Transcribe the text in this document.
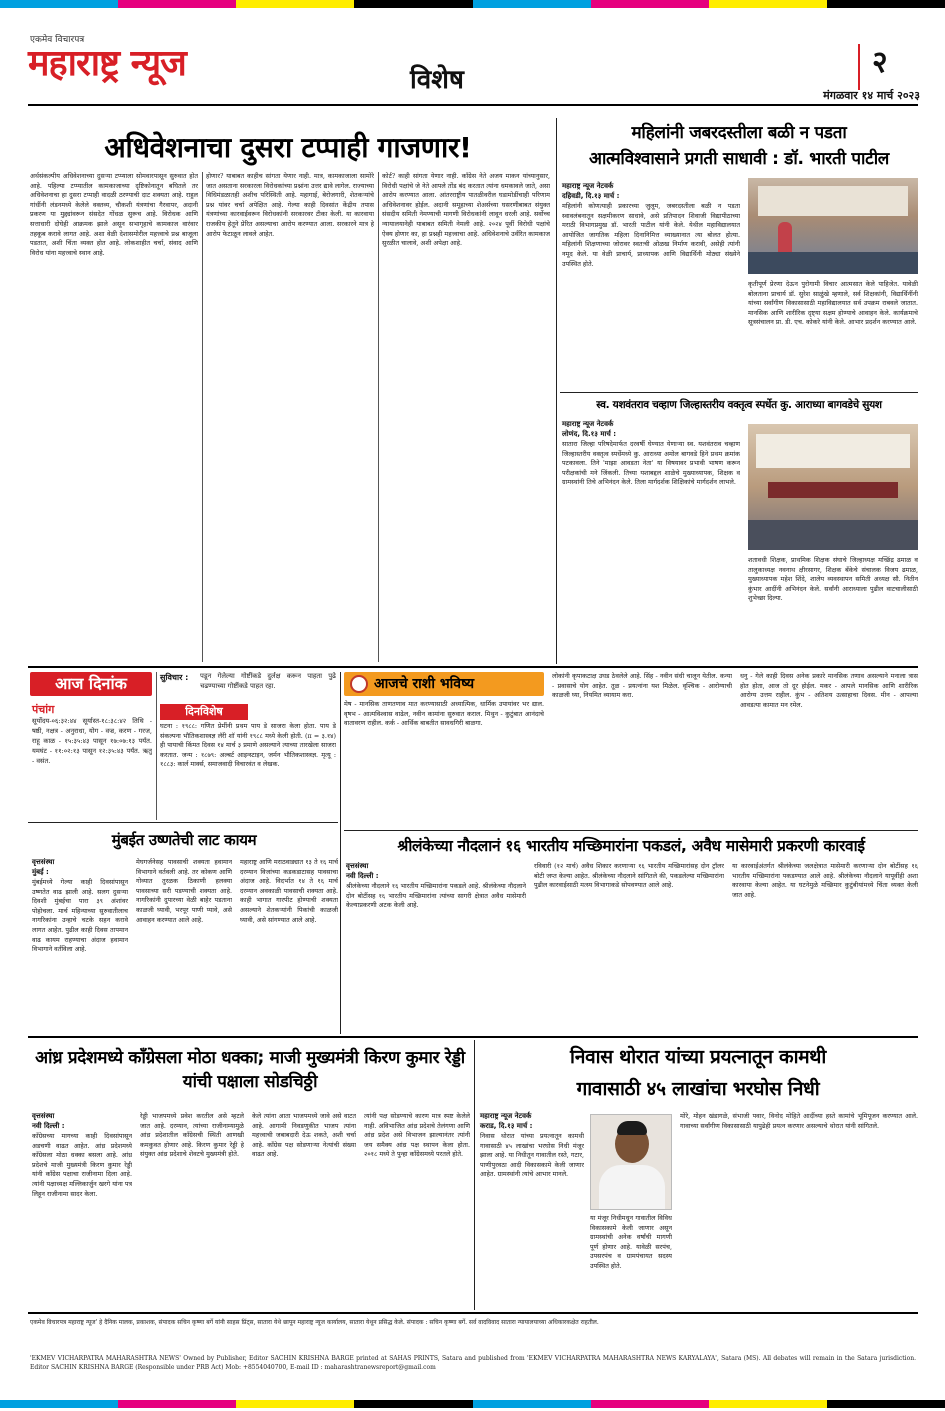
एकमेव विचारपत्र
महाराष्ट्र न्यूज	विशेष	२
मंगळवार १४ मार्च २०२३
अधिवेशनाचा दुसरा टप्पाही गाजणार!
अर्थसंकल्पीय अधिवेशनाच्या दुसऱ्या टप्प्याला सोमवारपासून सुरुवात होत आहे. पहिल्या टप्प्यातील कामकाजाच्या दृष्टिकोनातून बघितले तर अधिवेशनाचा हा दुसरा टप्पाही वादळी ठरण्याची दाट शक्यता आहे. राहुल गांधींनी लंडनमध्ये केलेले वक्तव्य, चौकशी यंत्रणांचा गैरवापर, अदानी प्रकरण या मुद्द्यांवरून संसदेत गोंधळ सुरूच आहे. विरोधक आणि सत्ताधारी दोघेही आक्रमक झाले असून सभागृहाचे कामकाज वारंवार तहकूब करावे लागत आहे. अशा वेळी देशासमोरील महत्त्वाचे प्रश्न बाजूला पडतात, अशी चिंता व्यक्त होत आहे. लोकशाहीत चर्चा, संवाद आणि विरोध यांना महत्त्वाचे स्थान आहे.
होणार? याबाबत काहीच सांगता येणार नाही. मात्र, कामकाजाला सामोरे जात असताना सरकारला विरोधकांच्या प्रश्नांना उत्तर द्यावे लागेल. राज्याच्या विधिमंडळातही अशीच परिस्थिती आहे. महागाई, बेरोजगारी, शेतकऱ्यांचे प्रश्न यांवर चर्चा अपेक्षित आहे. गेल्या काही दिवसांत केंद्रीय तपास यंत्रणांच्या कारवाईवरून विरोधकांनी सरकारवर टीका केली. या कारवाया राजकीय हेतूने प्रेरित असल्याचा आरोप करण्यात आला. सरकारने मात्र हे आरोप फेटाळून लावले आहेत.
कोर्ट? काही सांगता येणार नाही. काँग्रेस नेते अजय माकन यांच्यानुसार, विरोधी पक्षांचे जे नेते आपले तोंड बंद करतात त्यांना धमकावले जाते, असा आरोप करण्यात आला. आंतरराष्ट्रीय पातळीवरील घडामोडींचाही परिणाम अधिवेशनावर होईल. अदानी समूहाच्या शेअर्सच्या घसरणीबाबत संयुक्त संसदीय समिती नेमण्याची मागणी विरोधकांनी लावून धरली आहे. सर्वोच्च न्यायालयानेही याबाबत समिती नेमली आहे. २०२४ पूर्वी विरोधी पक्षांचे ऐक्य होणार का, हा प्रश्नही महत्त्वाचा आहे. अधिवेशनाचे उर्वरित कामकाज सुरळीत चालावे, अशी अपेक्षा आहे.
महिलांनी जबरदस्तीला बळी न पडता
आत्मविश्वासाने प्रगती साधावी : डॉ. भारती पाटील
महाराष्ट्र न्यूज नेटवर्क
दहिवडी, दि.१३ मार्च :
महिलांनी कोणत्याही प्रकारच्या जुलूम, जबरदस्तीला बळी न पडता स्वावलंबनातून सक्षमीकरण साधावे, असे प्रतिपादन शिवाजी विद्यापीठाच्या मराठी विभागप्रमुख डॉ. भारती पाटील यांनी केले. येथील महाविद्यालयात आयोजित जागतिक महिला दिनानिमित्त व्याख्यानात त्या बोलत होत्या. महिलांनी शिक्षणाच्या जोरावर स्वतःची ओळख निर्माण करावी, असेही त्यांनी नमूद केले. या वेळी प्राचार्य, प्राध्यापक आणि विद्यार्थिनी मोठ्या संख्येने उपस्थित होते.
कृतीपूर्ण प्रेरणा देऊन पुरोगामी विचार आत्मसात केले पाहिजेत. यावेळी बोलताना प्राचार्य डॉ. सुरेश साळुंखे म्हणाले, सर्व शिक्षकांनी, विद्यार्थिनींनी यांच्या सर्वांगीण विकासासाठी महाविद्यालयात सर्व उपक्रम राबवले जातात. मानसिक आणि शारीरिक दृष्ट्या सक्षम होण्याचे आवाहन केले. कार्यक्रमाचे सूत्रसंचालन प्रा. डी. एच. कोकरे यांनी केले. आभार प्रदर्शन करण्यात आले.
स्व. यशवंतराव चव्हाण जिल्हास्तरीय वक्तृत्व स्पर्धेत कु. आराध्या बागवडेचे सुयश
महाराष्ट्र न्यूज नेटवर्क
लोणंद, दि.१३ मार्च :
सातारा जिल्हा परिषदेमार्फत दरवर्षी घेण्यात येणाऱ्या स्व. यशवंतराव चव्हाण जिल्हास्तरीय वक्तृत्व स्पर्धेमध्ये कु. आराध्या अमोल बागवडे हिने प्रथम क्रमांक पटकावला. तिने 'माझा आवडता नेता' या विषयावर प्रभावी भाषण करून परीक्षकांची मने जिंकली. तिच्या यशाबद्दल शाळेचे मुख्याध्यापक, शिक्षक व ग्रामस्थांनी तिचे अभिनंदन केले. तिला मार्गदर्शक शिक्षिकांचे मार्गदर्शन लाभले.
शतावधी शिक्षक, प्राथमिक शिक्षक संघाचे जिल्हाध्यक्ष मच्छिंद्र ढमाळ व तालुकाध्यक्ष नवनाथ क्षीरसागर, शिक्षक बँकेचे संचालक विजय ढमाळ, मुख्याध्यापक महेश शिंदे, शालेय व्यवस्थापन समिती अध्यक्ष सौ. नितीन कुंभार आदींनी अभिनंदन केले. सर्वांनी आराध्याला पुढील वाटचालीसाठी शुभेच्छा दिल्या.
आज दिनांक
पंचांग
सूर्योदय-०६:३२:४४ सूर्यास्त-१८:३८:४२ तिथि - षष्ठी, नक्षत्र - अनुराधा, योग - वज्र, करण - गरज, राहू काळ - १५:३५:४३ पासून १७:०७:१३ पर्यंत. यमघंट - ११:०२:१३ पासून १२:३५:४३ पर्यंत. ऋतु - वसंत.
सुविचार : पडून गेलेल्या गोष्टींकडे दुर्लक्ष करून पाहता पुढे चढण्याच्या गोष्टींकडे पाहत रहा.
दिनविशेष
घटना : १९८८: गणित प्रेमींनी प्रथम पाय डे साजरा केला होता. पाय डे संकल्पना भौतिकशास्त्रज्ञ लॅरी शॉ यांनी १९८८ मध्ये केली होती. (π = ३.१४) ही पायाची किंमत दिवस १४ मार्च ३ प्रमाणे असल्याने त्याच्या तारखेला साजरा करतात. जन्म : १८७९: अल्बर्ट आइन्स्टाइन, जर्मन भौतिकशास्त्रज्ञ. मृत्यू : १८८३: कार्ल मार्क्स, समाजवादी विचारवंत व लेखक.
मुंबईत उष्णतेची लाट कायम
वृत्तसंस्था
मुंबई :
मुंबईमध्ये गेल्या काही दिवसांपासून उष्णतेत वाढ झाली आहे. सलग दुसऱ्या दिवशी मुंबईचा पारा ३९ अंशांवर पोहोचला. मार्च महिन्याच्या सुरुवातीलाच नागरिकांना उन्हाचे चटके सहन करावे लागत आहेत. पुढील काही दिवस तापमान वाढ कायम राहण्याचा अंदाज हवामान विभागाने वर्तविला आहे.
मेघगर्जनेसह पावसाची शक्यता हवामान विभागाने वर्तवली आहे. तर कोकण आणि गोव्यात तुरळक ठिकाणी हलक्या पावसाच्या सरी पडण्याची शक्यता आहे. नागरिकांनी दुपारच्या वेळी बाहेर पडताना काळजी घ्यावी, भरपूर पाणी प्यावे, असे आवाहन करण्यात आले आहे.
महाराष्ट्र आणि मराठवाड्यात १३ ते १६ मार्च दरम्यान विजांच्या कडकडाटासह पावसाचा अंदाज आहे. विदर्भात १४ ते १६ मार्च दरम्यान अवकाळी पावसाची शक्यता आहे. काही भागात गारपीट होण्याची शक्यता असल्याने शेतकऱ्यांनी पिकांची काळजी घ्यावी, असे सांगण्यात आले आहे.
आजचे राशी भविष्य
मेष - मानसिक ताणतणाव मात करण्यासाठी अध्यात्मिक, धार्मिक उपायांवर भर द्याल. वृषभ - आत्मविश्वास वाढेल, नवीन कामांना सुरुवात कराल. मिथुन - कुटुंबात आनंदाचे वातावरण राहील. कर्क - आर्थिक बाबतीत सावधगिरी बाळगा.
लोकांनी कृपाकटाक्ष उघड ठेवलेले आहे. सिंह - नवीन संधी चालून येतील. कन्या - प्रवासाचे योग आहेत. तूळ - प्रयत्नांना यश मिळेल. वृश्चिक - आरोग्याची काळजी घ्या, नियमित व्यायाम करा.
धनु - गेले काही दिवस अनेक प्रकारे मानसिक तणाव असल्याने मनाला त्रास होत होता, आज तो दूर होईल. मकर - आपले मानसिक आणि शारीरिक आरोग्य उत्तम राहील. कुंभ - अतिशय उत्साहाचा दिवस. मीन - आपल्या आवडत्या कामात मन रमेल.
श्रीलंकेच्या नौदलानं १६ भारतीय मच्छिमारांना पकडलं, अवैध मासेमारी प्रकरणी कारवाई
वृत्तसंस्था
नवी दिल्ली :
श्रीलंकेच्या नौदलाने १६ भारतीय मच्छिमारांना पकडले आहे. श्रीलंकेच्या नौदलाने दोन बोटींसह १६ भारतीय मच्छिमारांना त्यांच्या सागरी क्षेत्रात अवैध मासेमारी केल्याप्रकरणी अटक केली आहे.
रविवारी (१२ मार्च) अवैध शिकार करणाऱ्या १६ भारतीय मच्छिमारांसह दोन ट्रॉलर बोटी जप्त केल्या आहेत. श्रीलंकेच्या नौदलाने सांगितले की, पकडलेल्या मच्छिमारांना पुढील कारवाईसाठी मत्स्य विभागाकडे सोपवण्यात आले आहे.
या कारवाईअंतर्गत श्रीलंकेच्या जलक्षेत्रात मासेमारी करणाऱ्या दोन बोटींसह १६ भारतीय मच्छिमारांना पकडण्यात आले आहे. श्रीलंकेच्या नौदलाने यापूर्वीही अशा कारवाया केल्या आहेत. या घटनेमुळे मच्छिमार कुटुंबीयांमध्ये चिंता व्यक्त केली जात आहे.
आंध्र प्रदेशमध्ये कॉंग्रेसला मोठा धक्का; माजी मुख्यमंत्री किरण कुमार रेड्डी यांची पक्षाला सोडचिठ्ठी
वृत्तसंस्था
नवी दिल्ली :
काँग्रेसच्या मागच्या काही दिवसांपासून अडचणी वाढत आहेत. आंध्र प्रदेशमध्ये काँग्रेसला मोठा धक्का बसला आहे. आंध्र प्रदेशचे माजी मुख्यमंत्री किरण कुमार रेड्डी यांनी काँग्रेस पक्षाचा राजीनामा दिला आहे. त्यांनी पक्षाध्यक्ष मल्लिकार्जुन खरगे यांना पत्र लिहून राजीनामा सादर केला.
रेड्डी भाजपमध्ये प्रवेश करतील असे म्हटले जात आहे. दरम्यान, त्यांच्या राजीनाम्यामुळे आंध्र प्रदेशातील काँग्रेसची स्थिती आणखी कमकुवत होणार आहे. किरण कुमार रेड्डी हे संयुक्त आंध्र प्रदेशाचे शेवटचे मुख्यमंत्री होते.
केले त्यांना आता भाजपमध्ये जावे असे वाटत आहे. आगामी निवडणुकीत भाजप त्यांना महत्त्वाची जबाबदारी देऊ शकते, अशी चर्चा आहे. काँग्रेस पक्ष सोडणाऱ्या नेत्यांची संख्या वाढत आहे.
त्यांनी पक्ष सोडण्याचे कारण मात्र स्पष्ट केलेले नाही. अविभाजित आंध्र प्रदेशचे तेलंगणा आणि आंध्र प्रदेश असे विभाजन झाल्यानंतर त्यांनी जय समैक्य आंध्र पक्ष स्थापन केला होता. २०१८ मध्ये ते पुन्हा काँग्रेसमध्ये परतले होते.
निवास थोरात यांच्या प्रयत्नातून कामथी
गावासाठी ४५ लाखांचा भरघोस निधी
महाराष्ट्र न्यूज नेटवर्क
कराड, दि.१३ मार्च :
निवास थोरात यांच्या प्रयत्नातून कामथी गावासाठी ४५ लाखांचा भरघोस निधी मंजूर झाला आहे. या निधीतून गावातील रस्ते, गटार, पाणीपुरवठा आदी विकासकामे केली जाणार आहेत. ग्रामस्थांनी त्यांचे आभार मानले.
या मंजूर निधीमधून गावातील विविध विकासकामे केली जाणार असून ग्रामस्थांची अनेक वर्षांची मागणी पूर्ण होणार आहे. यावेळी सरपंच, उपसरपंच व ग्रामपंचायत सदस्य उपस्थित होते.
मोरे, मोहन खंडागळे, संभाजी पवार, विनोद मोहिते आदींच्या हस्ते कामांचे भूमिपूजन करण्यात आले. गावाच्या सर्वांगीण विकासासाठी यापुढेही प्रयत्न करणार असल्याचे थोरात यांनी सांगितले.
एकमेव विचारपत्र महाराष्ट्र न्यूज' हे दैनिक मालक, प्रकाशक, संपादक सचिन कृष्णा बर्गे यांनी साहस प्रिंट्स, सातारा येथे छापून महाराष्ट्र न्यूज कार्यालय, सातारा येथून प्रसिद्ध केले. संपादक : सचिन कृष्णा बर्गे. सर्व वादविवाद सातारा न्यायालयाच्या अधिकारकक्षेत राहतील.
'EKMEV VICHARPATRA MAHARASHTRA NEWS' Owned by Publisher, Editor SACHIN KRISHNA BARGE printed at SAHAS PRINTS, Satara and published from 'EKMEV VICHARPATRA MAHARASHTRA NEWS KARYALAYA', Satara (MS). All debates will remain in the Satara jurisdiction. Editor SACHIN KRISHNA BARGE (Responsible under PRB Act) Mob: +8554040700, E-mail ID : maharashtranewsreport@gmail.com
